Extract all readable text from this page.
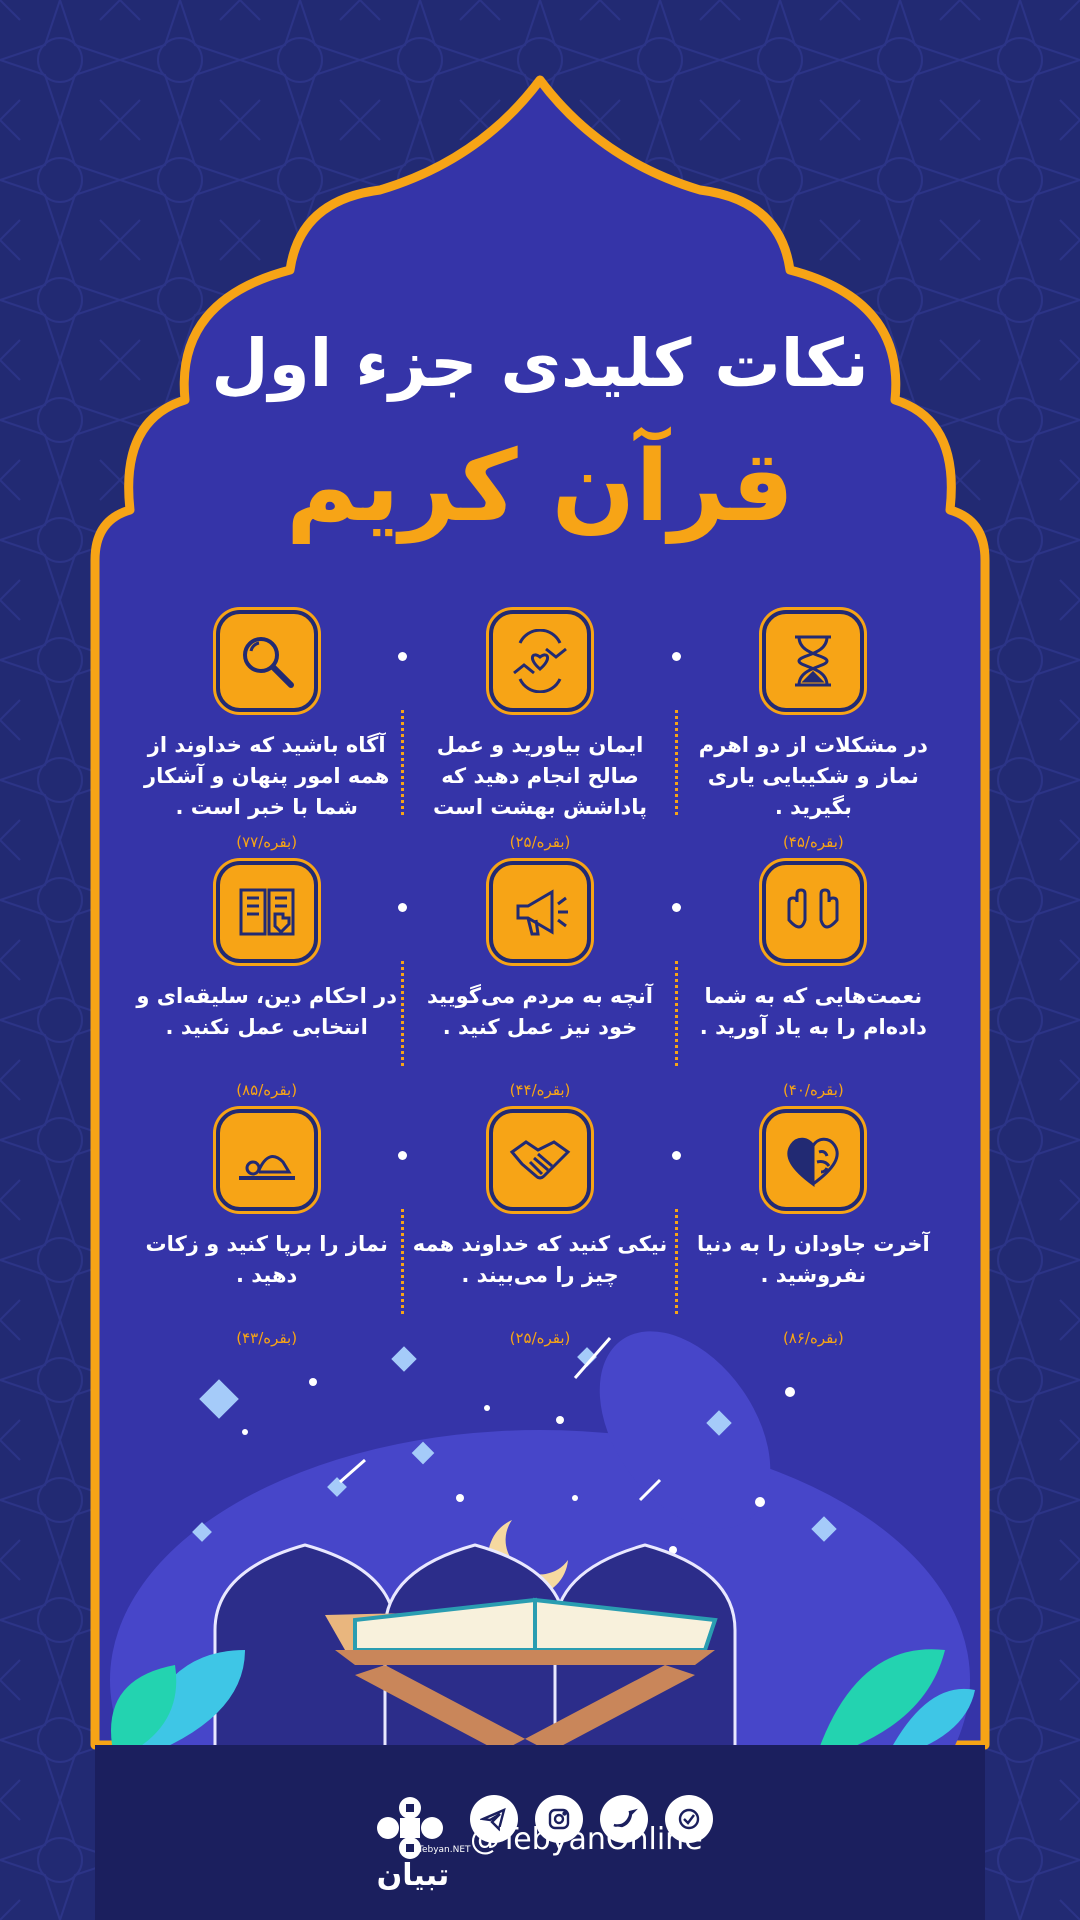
نکات کلیدی جزء اول
قرآن کریم
در مشکلات از دو اهرم نماز و شکیبایی یاری بگیرید .
(بقره/۴۵)
ایمان بیاورید و عمل صالح انجام دهید که پاداشش بهشت است
(بقره/۲۵)
آگاه باشید که خداوند از همه امور پنهان و آشکار شما با خبر است .
(بقره/۷۷)
نعمت‌هایی که به شما داده‌ام را به یاد آورید .
(بقره/۴۰)
آنچه به مردم می‌گویید خود نیز عمل کنید .
(بقره/۴۴)
در احکام دین، سلیقه‌ای و انتخابی عمل نکنید .
(بقره/۸۵)
آخرت جاودان را به دنیا نفروشید .
(بقره/۸۶)
نیکی کنید که خداوند همه چیز را می‌بیند .
(بقره/۲۵)
نماز را برپا کنید و زکات دهید .
(بقره/۴۳)
تبیان
Tebyan.NET @TebyanOnline
